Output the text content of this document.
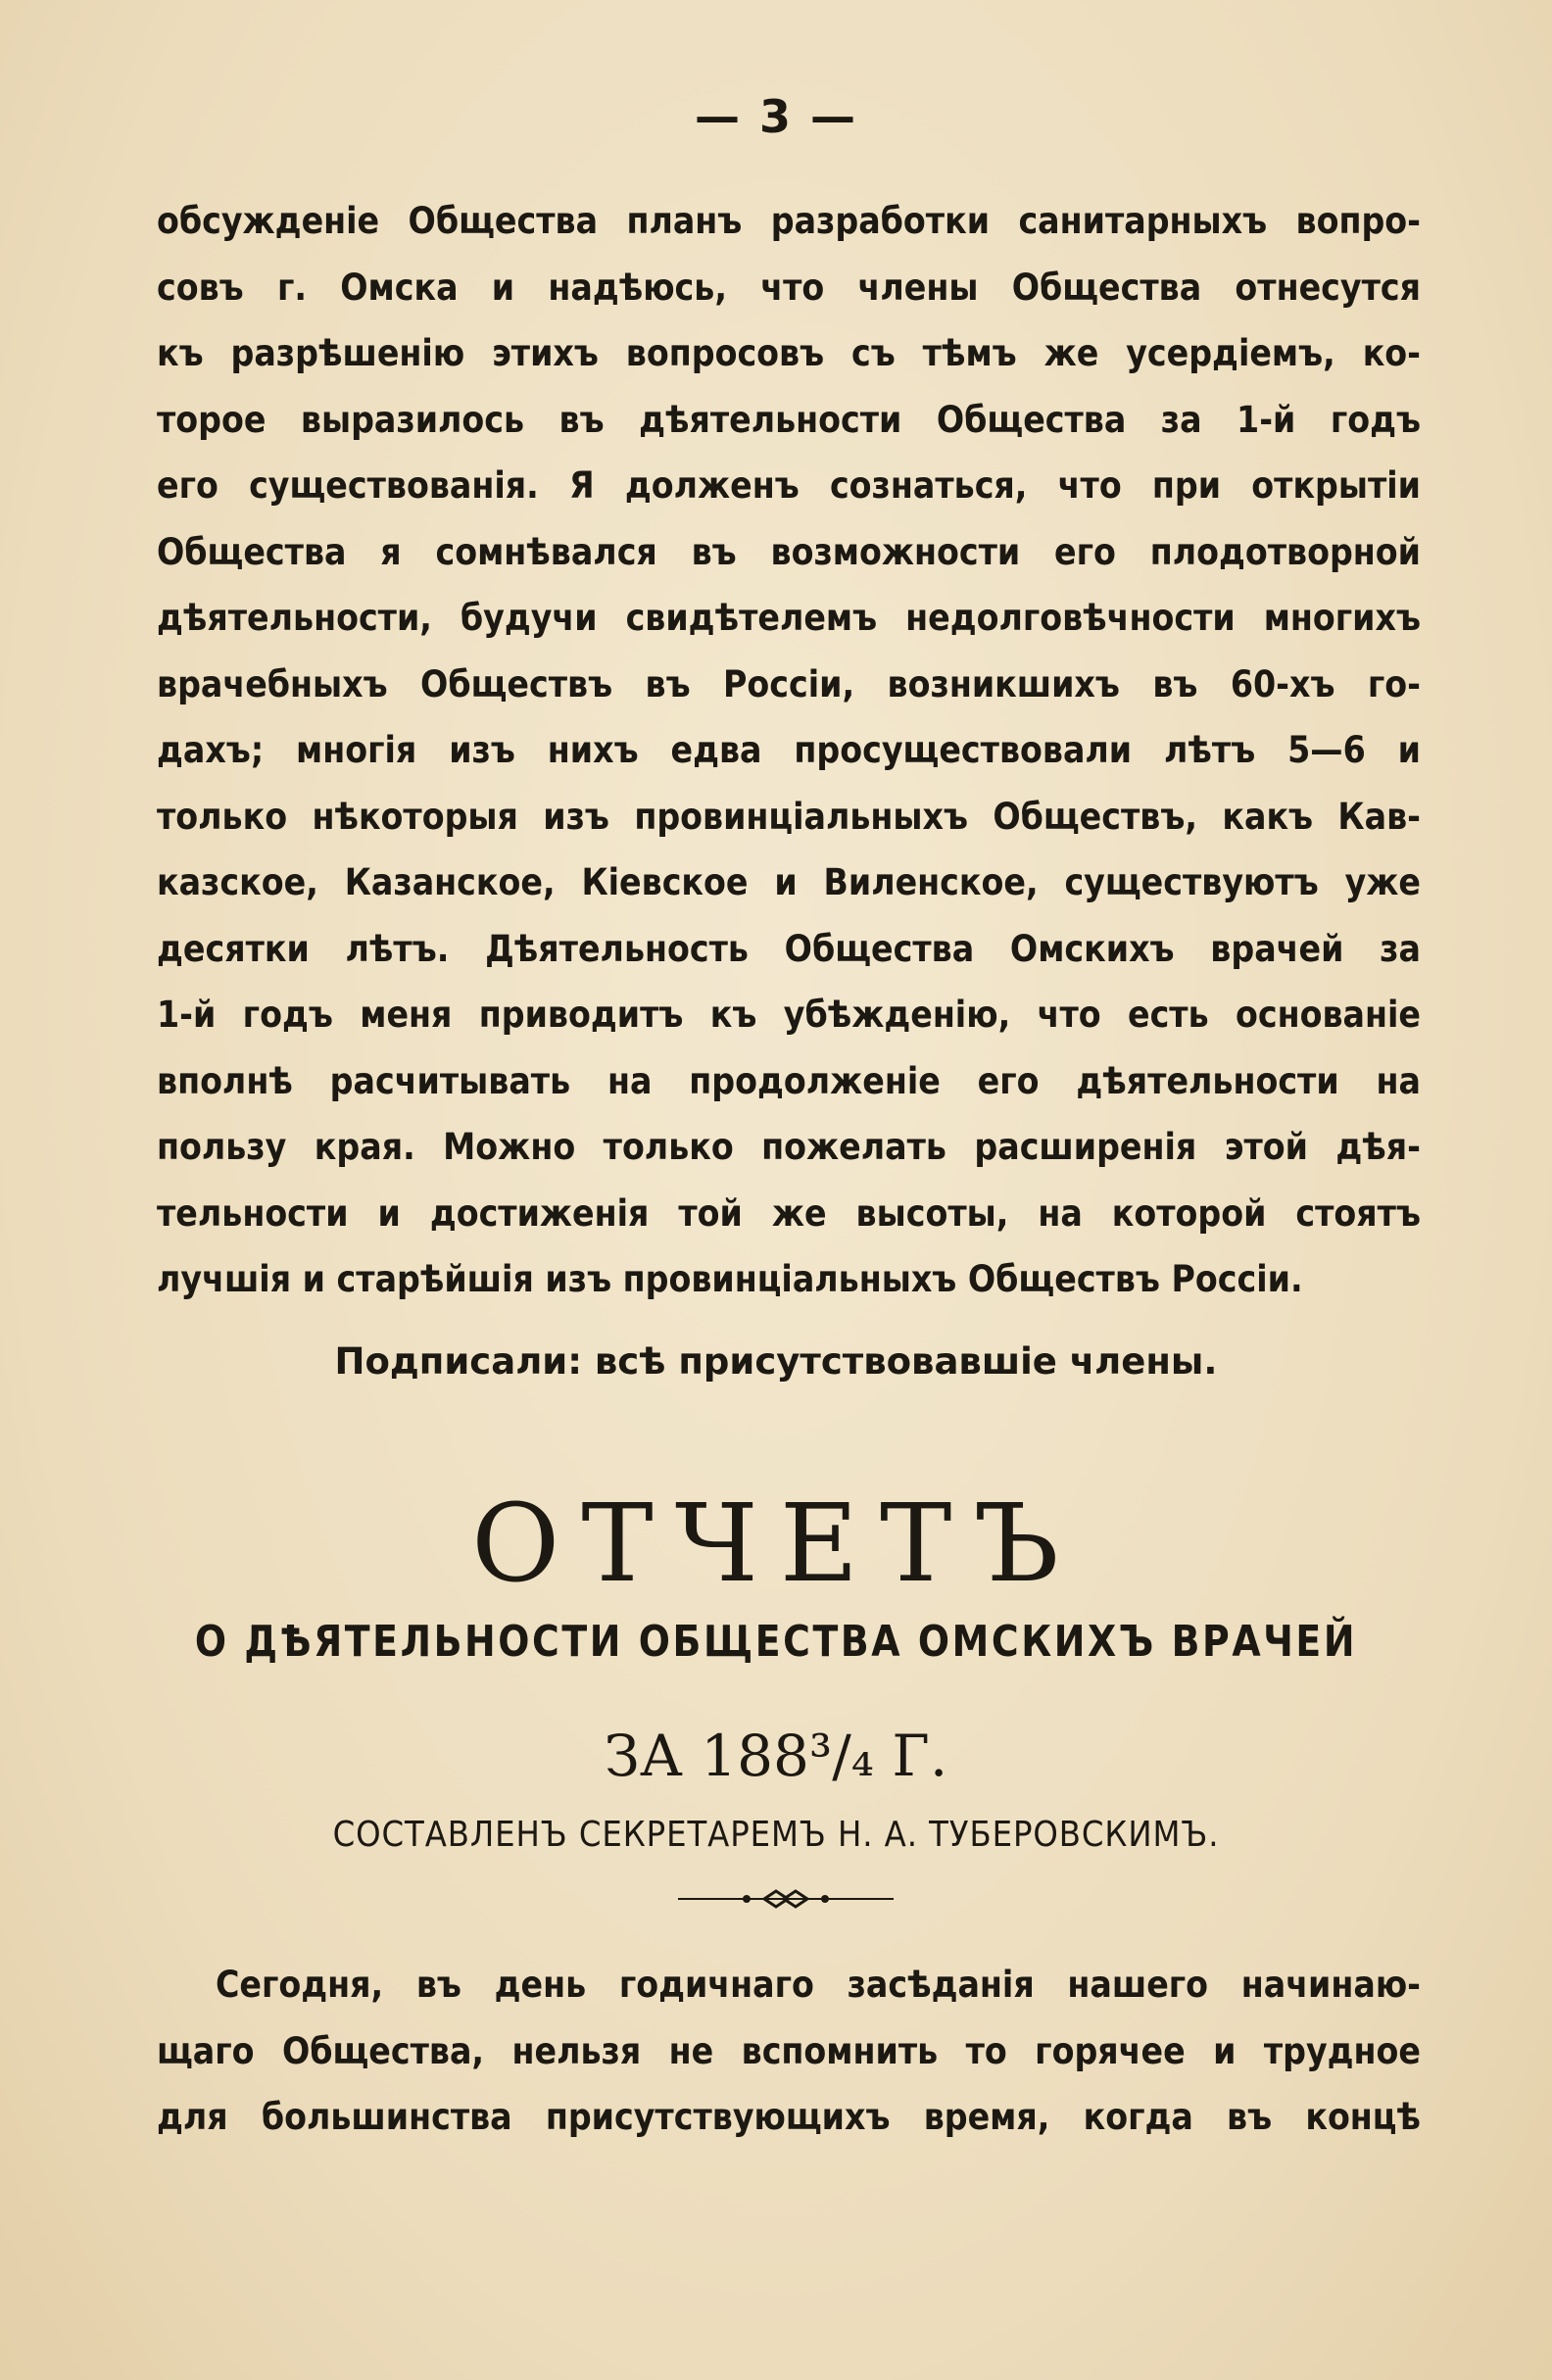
— 3 —
обсужденіе Общества планъ разработки санитарныхъ вопро-
совъ г. Омска и надѣюсь, что члены Общества отнесутся
къ разрѣшенію этихъ вопросовъ съ тѣмъ же усердіемъ, ко-
торое выразилось въ дѣятельности Общества за 1-й годъ
его существованія. Я долженъ сознаться, что при открытіи
Общества я сомнѣвался въ возможности его плодотворной
дѣятельности, будучи свидѣтелемъ недолговѣчности многихъ
врачебныхъ Обществъ въ Россіи, возникшихъ въ 60-хъ го-
дахъ; многія изъ нихъ едва просуществовали лѣтъ 5—6 и
только нѣкоторыя изъ провинціальныхъ Обществъ, какъ Кав-
казское, Казанское, Кіевское и Виленское, существуютъ уже
десятки лѣтъ. Дѣятельность Общества Омскихъ врачей за
1-й годъ меня приводитъ къ убѣжденію, что есть основаніе
вполнѣ расчитывать на продолженіе его дѣятельности на
пользу края. Можно только пожелать расширенія этой дѣя-
тельности и достиженія той же высоты, на которой стоятъ
лучшія и старѣйшія изъ провинціальныхъ Обществъ Россіи.
Подписали: всѣ присутствовавшіе члены.
ОТЧЕТЪ
О ДѢЯТЕЛЬНОСТИ ОБЩЕСТВА ОМСКИХЪ ВРАЧЕЙ
ЗА 188³/₄ Г.
СОСТАВЛЕНЪ СЕКРЕТАРЕМЪ Н. А. ТУБЕРОВСКИМЪ.
Сегодня, въ день годичнаго засѣданія нашего начинаю-
щаго Общества, нельзя не вспомнить то горячее и трудное
для большинства присутствующихъ время, когда въ концѣ
